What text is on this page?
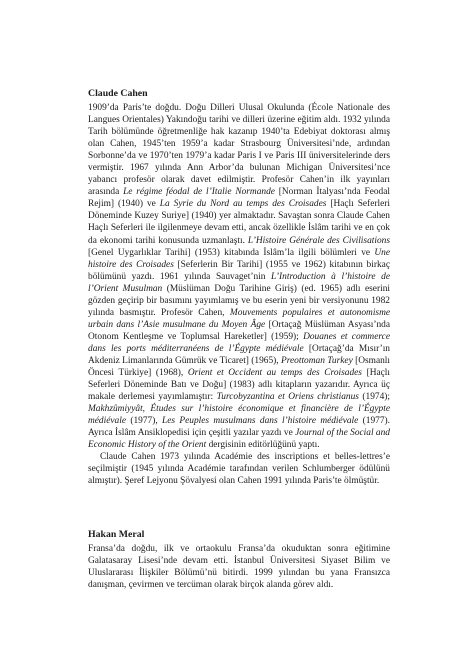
Claude Cahen

1909’da Paris’te doğdu. Doğu Dilleri Ulusal Okulunda (École Nationale des Langues Orientales) Yakındoğu tarihi ve dilleri üzerine eğitim aldı. 1932 yılında Tarih bölümünde öğretmenliğe hak kazanıp 1940’ta Edebiyat doktorası almış olan Cahen, 1945’ten 1959’a kadar Strasbourg Üniversitesi’nde, ardından Sorbonne’da ve 1970’ten 1979’a kadar Paris I ve Paris III üniversitelerinde ders vermiştir. 1967 yılında Ann Arbor’da bulunan Michigan Üniversitesi’nce yabancı profesör olarak davet edilmiştir. Profesör Cahen’in ilk yayınları arasında Le régime féodal de l’Italie Normande [Norman İtalyası’nda Feodal Rejim] (1940) ve La Syrie du Nord au temps des Croisades [Haçlı Seferleri Döneminde Kuzey Suriye] (1940) yer almaktadır. Savaştan sonra Claude Cahen Haçlı Seferleri ile ilgilenmeye devam etti, ancak özellikle İslâm tarihi ve en çok da ekonomi tarihi konusunda uzmanlaştı. L’Histoire Générale des Civilisations [Genel Uygarlıklar Tarihi] (1953) kitabında İslâm’la ilgili bölümleri ve Une histoire des Croisades [Seferlerin Bir Tarihi] (1955 ve 1962) kitabının birkaç bölümünü yazdı. 1961 yılında Sauvaget’nin L’Introduction à l’histoire de l’Orient Musulman (Müslüman Doğu Tarihine Giriş) (ed. 1965) adlı eserini gözden geçirip bir basımını yayımlamış ve bu eserin yeni bir versiyonunu 1982 yılında basmıştır. Profesör Cahen, Mouvements populaires et autonomisme urbain dans l’Asie musulmane du Moyen Âge [Ortaçağ Müslüman Asyası’nda Otonom Kentleşme ve Toplumsal Hareketler] (1959); Douanes et commerce dans les ports méditerranéens de l’Égypte médiévale [Ortaçağ’da Mısır’ın Akdeniz Limanlarında Gümrük ve Ticaret] (1965), Preottoman Turkey [Osmanlı Öncesi Türkiye] (1968), Orient et Occident au temps des Croisades [Haçlı Seferleri Döneminde Batı ve Doğu] (1983) adlı kitapların yazarıdır. Ayrıca üç makale derlemesi yayımlamıştır: Turcobyzantina et Oriens christianus (1974); Makhzûmiyyât, Études sur l’histoire économique et financière de l’Égypte médiévale (1977), Les Peuples musulmans dans l’histoire médiévale (1977). Ayrıca İslâm Ansiklopedisi için çeşitli yazılar yazdı ve Journal of the Social and Economic History of the Orient dergisinin editörlüğünü yaptı.

Claude Cahen 1973 yılında Académie des inscriptions et belles-lettres’e seçilmiştir (1945 yılında Académie tarafından verilen Schlumberger ödülünü almıştır). Şeref Lejyonu Şövalyesi olan Cahen 1991 yılında Paris’te ölmüştür.

Hakan Meral

Fransa’da doğdu, ilk ve ortaokulu Fransa’da okuduktan sonra eğitimine Galatasaray Lisesi’nde devam etti. İstanbul Üniversitesi Siyaset Bilim ve Uluslararası İlişkiler Bölümü’nü bitirdi. 1999 yılından bu yana Fransızca danışman, çevirmen ve tercüman olarak birçok alanda görev aldı.
